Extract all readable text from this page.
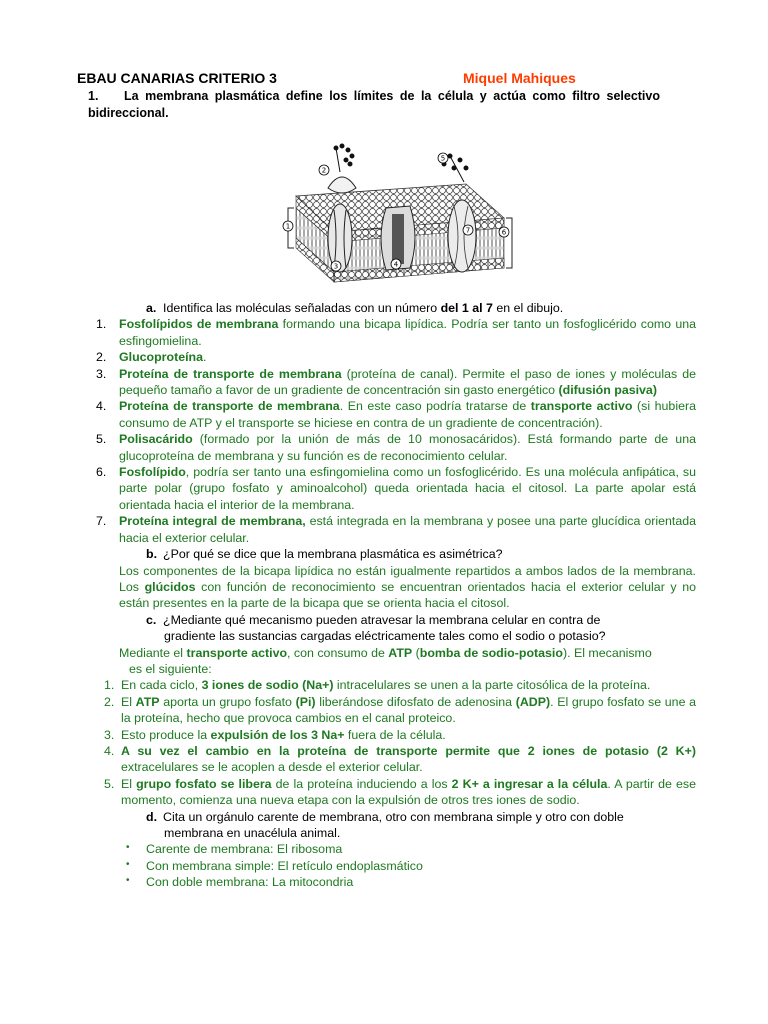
EBAU CANARIAS CRITERIO 3	Miquel Mahiques
1. La membrana plasmática define los límites de la célula y actúa como filtro selectivo bidireccional.
1
2
3	4
5
6
7
a. Identifica las moléculas señaladas con un número del 1 al 7 en el dibujo.
1. Fosfolípidos de membrana formando una bicapa lipídica. Podría ser tanto un fosfoglicérido como una esfingomielina.
2. Glucoproteína.
3. Proteína de transporte de membrana (proteína de canal). Permite el paso de iones y moléculas de pequeño tamaño a favor de un gradiente de concentración sin gasto energético (difusión pasiva)
4. Proteína de transporte de membrana. En este caso podría tratarse de transporte activo (si hubiera consumo de ATP y el transporte se hiciese en contra de un gradiente de concentración).
5. Polisacárido (formado por la unión de más de 10 monosacáridos). Está formando parte de una glucoproteína de membrana y su función es de reconocimiento celular.
6. Fosfolípido, podría ser tanto una esfingomielina como un fosfoglicérido. Es una molécula anfipática, su parte polar (grupo fosfato y aminoalcohol) queda orientada hacia el citosol. La parte apolar está orientada hacia el interior de la membrana.
7. Proteína integral de membrana, está integrada en la membrana y posee una parte glucídica orientada hacia el exterior celular.
b. ¿Por qué se dice que la membrana plasmática es asimétrica?
Los componentes de la bicapa lipídica no están igualmente repartidos a ambos lados de la membrana. Los glúcidos con función de reconocimiento se encuentran orientados hacia el exterior celular y no están presentes en la parte de la bicapa que se orienta hacia el citosol.
c. ¿Mediante qué mecanismo pueden atravesar la membrana celular en contra de
gradiente las sustancias cargadas eléctricamente tales como el sodio o potasio?
Mediante el transporte activo, con consumo de ATP (bomba de sodio-potasio). El mecanismo
es el siguiente:
1. En cada ciclo, 3 iones de sodio (Na+) intracelulares se unen a la parte citosólica de la proteína.
2. El ATP aporta un grupo fosfato (Pi) liberándose difosfato de adenosina (ADP). El grupo fosfato se une a la proteína, hecho que provoca cambios en el canal proteico.
3. Esto produce la expulsión de los 3 Na+ fuera de la célula.
4. A su vez el cambio en la proteína de transporte permite que 2 iones de potasio (2 K+) extracelulares se le acoplen a desde el exterior celular.
5. El grupo fosfato se libera de la proteína induciendo a los 2 K+ a ingresar a la célula. A partir de ese momento, comienza una nueva etapa con la expulsión de otros tres iones de sodio.
d. Cita un orgánulo carente de membrana, otro con membrana simple y otro con doble
membrana en unacélula animal.
• Carente de membrana: El ribosoma
• Con membrana simple: El retículo endoplasmático
• Con doble membrana: La mitocondria
